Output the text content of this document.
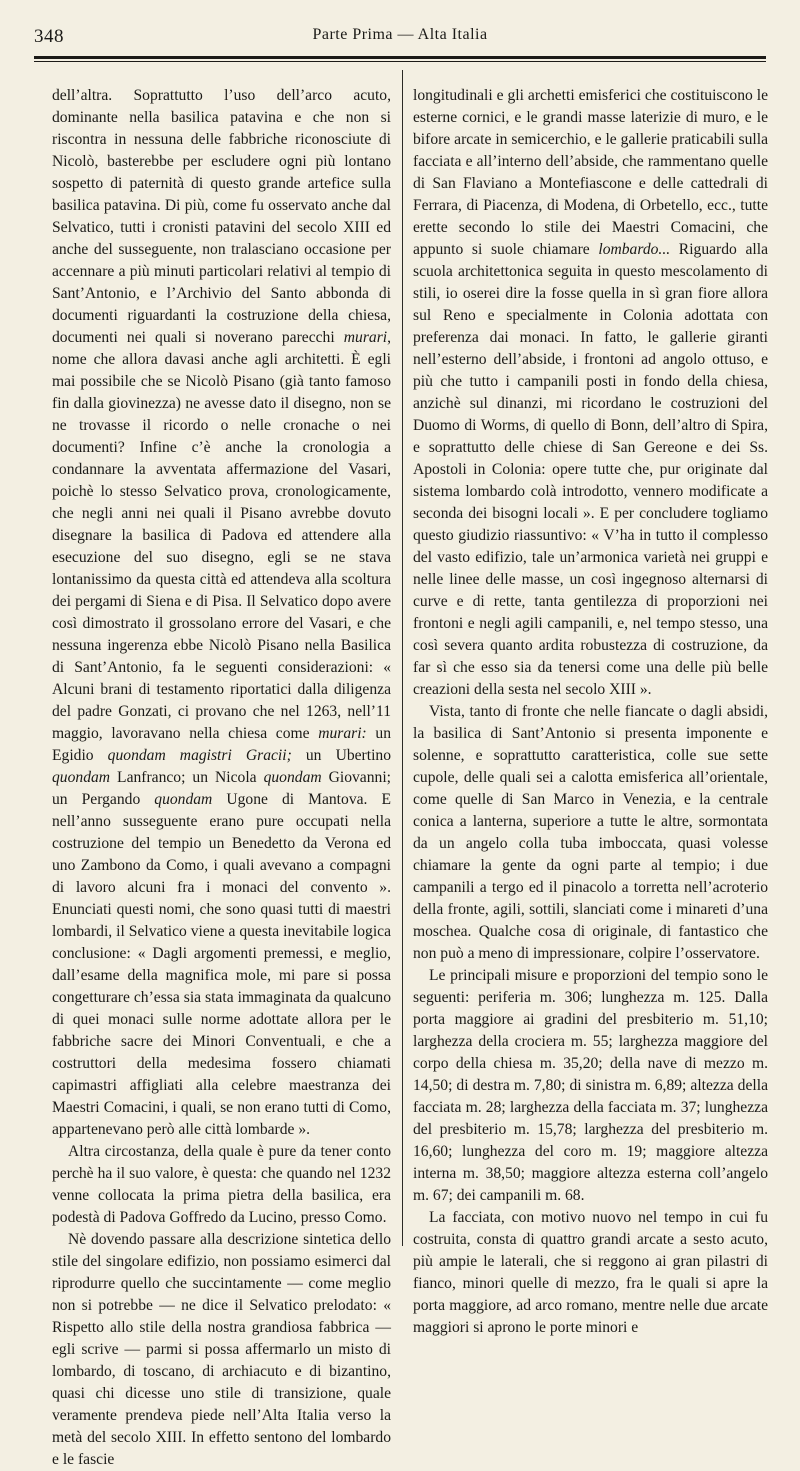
348	Parte Prima — Alta Italia

dell’altra. Soprattutto l’uso dell’arco acuto, dominante nella basilica patavina e che non si riscontra in nessuna delle fabbriche riconosciute di Nicolò, basterebbe per escludere ogni più lontano sospetto di paternità di questo grande artefice sulla basilica patavina. Di più, come fu osservato anche dal Selvatico, tutti i cronisti patavini del secolo XIII ed anche del susseguente, non tralasciano occasione per accennare a più minuti particolari relativi al tempio di Sant’Antonio, e l’Archivio del Santo abbonda di documenti riguardanti la costruzione della chiesa, documenti nei quali si noverano parecchi murari, nome che allora davasi anche agli architetti. È egli mai possibile che se Nicolò Pisano (già tanto famoso fin dalla giovinezza) ne avesse dato il disegno, non se ne trovasse il ricordo o nelle cronache o nei documenti? Infine c’è anche la cronologia a condannare la avventata affermazione del Vasari, poichè lo stesso Selvatico prova, cronologicamente, che negli anni nei quali il Pisano avrebbe dovuto disegnare la basilica di Padova ed attendere alla esecuzione del suo disegno, egli se ne stava lontanissimo da questa città ed attendeva alla scoltura dei pergami di Siena e di Pisa. Il Selvatico dopo avere così dimostrato il grossolano errore del Vasari, e che nessuna ingerenza ebbe Nicolò Pisano nella Basilica di Sant’Antonio, fa le seguenti considerazioni: « Alcuni brani di testamento riportatici dalla diligenza del padre Gonzati, ci provano che nel 1263, nell’11 maggio, lavoravano nella chiesa come murari: un Egidio quondam magistri Gracii; un Ubertino quondam Lanfranco; un Nicola quondam Giovanni; un Pergando quondam Ugone di Mantova. E nell’anno susseguente erano pure occupati nella costruzione del tempio un Benedetto da Verona ed uno Zambono da Como, i quali avevano a compagni di lavoro alcuni fra i monaci del convento ». Enunciati questi nomi, che sono quasi tutti di maestri lombardi, il Selvatico viene a questa inevitabile logica conclusione: « Dagli argomenti premessi, e meglio, dall’esame della magnifica mole, mi pare si possa congetturare ch’essa sia stata immaginata da qualcuno di quei monaci sulle norme adottate allora per le fabbriche sacre dei Minori Conventuali, e che a costruttori della medesima fossero chiamati capimastri affigliati alla celebre maestranza dei Maestri Comacini, i quali, se non erano tutti di Como, appartenevano però alle città lombarde ».

Altra circostanza, della quale è pure da tener conto perchè ha il suo valore, è questa: che quando nel 1232 venne collocata la prima pietra della basilica, era podestà di Padova Goffredo da Lucino, presso Como.

Nè dovendo passare alla descrizione sintetica dello stile del singolare edifizio, non possiamo esimerci dal riprodurre quello che succintamente — come meglio non si potrebbe — ne dice il Selvatico prelodato: « Rispetto allo stile della nostra grandiosa fabbrica — egli scrive — parmi si possa affermarlo un misto di lombardo, di toscano, di archiacuto e di bizantino, quasi chi dicesse uno stile di transizione, quale veramente prendeva piede nell’Alta Italia verso la metà del secolo XIII. In effetto sentono del lombardo e le fascie

longitudinali e gli archetti emisferici che costituiscono le esterne cornici, e le grandi masse laterizie di muro, e le bifore arcate in semicerchio, e le gallerie praticabili sulla facciata e all’interno dell’abside, che rammentano quelle di San Flaviano a Montefiascone e delle cattedrali di Ferrara, di Piacenza, di Modena, di Orbetello, ecc., tutte erette secondo lo stile dei Maestri Comacini, che appunto si suole chiamare lombardo... Riguardo alla scuola architettonica seguita in questo mescolamento di stili, io oserei dire la fosse quella in sì gran fiore allora sul Reno e specialmente in Colonia adottata con preferenza dai monaci. In fatto, le gallerie giranti nell’esterno dell’abside, i frontoni ad angolo ottuso, e più che tutto i campanili posti in fondo della chiesa, anzichè sul dinanzi, mi ricordano le costruzioni del Duomo di Worms, di quello di Bonn, dell’altro di Spira, e soprattutto delle chiese di San Gereone e dei Ss. Apostoli in Colonia: opere tutte che, pur originate dal sistema lombardo colà introdotto, vennero modificate a seconda dei bisogni locali ». E per concludere togliamo questo giudizio riassuntivo: « V’ha in tutto il complesso del vasto edifizio, tale un’armonica varietà nei gruppi e nelle linee delle masse, un così ingegnoso alternarsi di curve e di rette, tanta gentilezza di proporzioni nei frontoni e negli agili campanili, e, nel tempo stesso, una così severa quanto ardita robustezza di costruzione, da far sì che esso sia da tenersi come una delle più belle creazioni della sesta nel secolo XIII ».

Vista, tanto di fronte che nelle fiancate o dagli absidi, la basilica di Sant’Antonio si presenta imponente e solenne, e soprattutto caratteristica, colle sue sette cupole, delle quali sei a calotta emisferica all’orientale, come quelle di San Marco in Venezia, e la centrale conica a lanterna, superiore a tutte le altre, sormontata da un angelo colla tuba imboccata, quasi volesse chiamare la gente da ogni parte al tempio; i due campanili a tergo ed il pinacolo a torretta nell’acroterio della fronte, agili, sottili, slanciati come i minareti d’una moschea. Qualche cosa di originale, di fantastico che non può a meno di impressionare, colpire l’osservatore.

Le principali misure e proporzioni del tempio sono le seguenti: periferia m. 306; lunghezza m. 125. Dalla porta maggiore ai gradini del presbiterio m. 51,10; larghezza della crociera m. 55; larghezza maggiore del corpo della chiesa m. 35,20; della nave di mezzo m. 14,50; di destra m. 7,80; di sinistra m. 6,89; altezza della facciata m. 28; larghezza della facciata m. 37; lunghezza del presbiterio m. 15,78; larghezza del presbiterio m. 16,60; lunghezza del coro m. 19; maggiore altezza interna m. 38,50; maggiore altezza esterna coll’angelo m. 67; dei campanili m. 68.

La facciata, con motivo nuovo nel tempo in cui fu costruita, consta di quattro grandi arcate a sesto acuto, più ampie le laterali, che si reggono ai gran pilastri di fianco, minori quelle di mezzo, fra le quali si apre la porta maggiore, ad arco romano, mentre nelle due arcate maggiori si aprono le porte minori e
